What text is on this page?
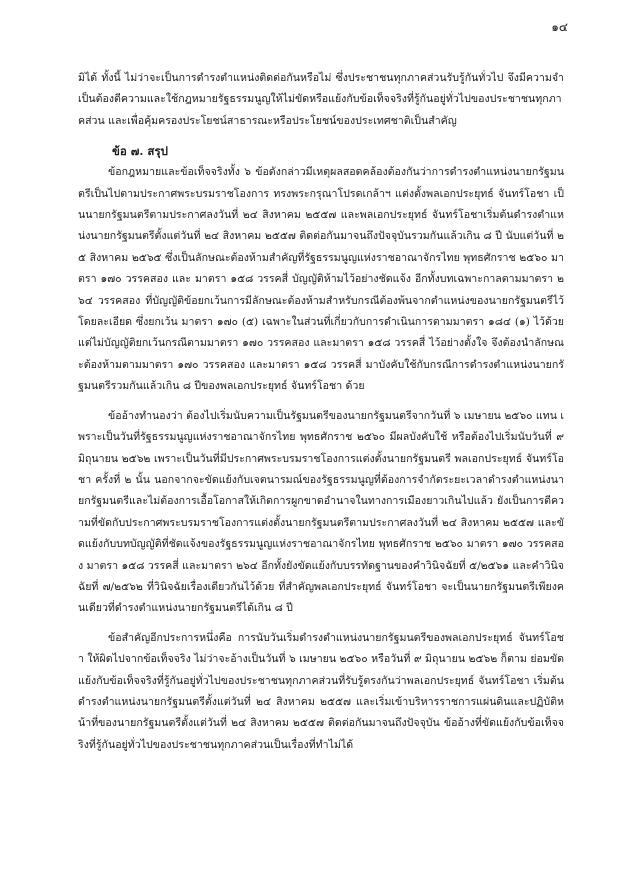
๑๔

มิได้ ทั้งนี้ ไม่ว่าจะเป็นการดำรงตำแหน่งติดต่อกันหรือไม่ ซึ่งประชาชนทุกภาคส่วนรับรู้กันทั่วไป จึงมีความจำเป็นต้องตีความและใช้กฎหมายรัฐธรรมนูญให้ไม่ขัดหรือแย้งกับข้อเท็จจริงที่รู้กันอยู่ทั่วไปของประชาชนทุกภาคส่วน และเพื่อคุ้มครองประโยชน์สาธารณะหรือประโยชน์ของประเทศชาติเป็นสำคัญ

ข้อ ๗. สรุป

ข้อกฎหมายและข้อเท็จจริงทั้ง ๖ ข้อดังกล่าวมีเหตุผลสอดคล้องต้องกันว่าการดำรงตำแหน่งนายกรัฐมนตรีเป็นไปตามประกาศพระบรมราชโองการ ทรงพระกรุณาโปรดเกล้าฯ แต่งตั้งพลเอกประยุทธ์ จันทร์โอชา เป็นนายกรัฐมนตรีตามประกาศลงวันที่ ๒๔ สิงหาคม ๒๕๕๗ และพลเอกประยุทธ์ จันทร์โอชาเริ่มต้นดำรงตำแหน่งนายกรัฐมนตรีตั้งแต่วันที่ ๒๔ สิงหาคม ๒๕๕๗ ติดต่อกันมาจนถึงปัจจุบันรวมกันแล้วเกิน ๘ ปี นับแต่วันที่ ๒๕ สิงหาคม ๒๕๖๕ ซึ่งเป็นลักษณะต้องห้ามสำคัญที่รัฐธรรมนูญแห่งราชอาณาจักรไทย พุทธศักราช ๒๕๖๐ มาตรา ๑๗๐ วรรคสอง และ มาตรา ๑๕๘ วรรคสี่ บัญญัติห้ามไว้อย่างชัดแจ้ง อีกทั้งบทเฉพาะกาลตามมาตรา ๒๖๔ วรรคสอง ที่บัญญัติข้อยกเว้นการมีลักษณะต้องห้ามสำหรับกรณีต้องพ้นจากตำแหน่งของนายกรัฐมนตรีไว้โดยละเอียด ซึ่งยกเว้น มาตรา ๑๗๐ (๕) เฉพาะในส่วนที่เกี่ยวกับการดำเนินการตามมาตรา ๑๘๔ (๑) ไว้ด้วย แต่ไม่บัญญัติยกเว้นกรณีตามมาตรา ๑๗๐ วรรคสอง และมาตรา ๑๕๘ วรรคสี่ ไว้อย่างตั้งใจ จึงต้องนำลักษณะต้องห้ามตามมาตรา ๑๗๐ วรรคสอง และมาตรา ๑๕๘ วรรคสี่ มาบังคับใช้กับกรณีการดำรงตำแหน่งนายกรัฐมนตรีรวมกันแล้วเกิน ๘ ปีของพลเอกประยุทธ์ จันทร์โอชา ด้วย

ข้ออ้างทำนองว่า ต้องไปเริ่มนับความเป็นรัฐมนตรีของนายกรัฐมนตรีจากวันที่ ๖ เมษายน ๒๕๖๐ แทน เพราะเป็นวันที่รัฐธรรมนูญแห่งราชอาณาจักรไทย พุทธศักราช ๒๕๖๐ มีผลบังคับใช้ หรือต้องไปเริ่มนับวันที่ ๙ มิถุนายน ๒๕๖๒ เพราะเป็นวันที่มีประกาศพระบรมราชโองการแต่งตั้งนายกรัฐมนตรี พลเอกประยุทธ์ จันทร์โอชา ครั้งที่ ๒ นั้น นอกจากจะขัดแย้งกับเจตนารมณ์ของรัฐธรรมนูญที่ต้องการจำกัดระยะเวลาดำรงตำแหน่งนายกรัฐมนตรีและไม่ต้องการเอื้อโอกาสให้เกิดการผูกขาดอำนาจในทางการเมืองยาวเกินไปแล้ว ยังเป็นการตีความที่ขัดกับประกาศพระบรมราชโองการแต่งตั้งนายกรัฐมนตรีตามประกาศลงวันที่ ๒๔ สิงหาคม ๒๕๕๗ และขัดแย้งกับบทบัญญัติที่ชัดแจ้งของรัฐธรรมนูญแห่งราชอาณาจักรไทย พุทธศักราช ๒๕๖๐ มาตรา ๑๗๐ วรรคสอง มาตรา ๑๕๘ วรรคสี่ และมาตรา ๒๖๔ อีกทั้งยังขัดแย้งกับบรรทัดฐานของคำวินิจฉัยที่ ๕/๒๕๖๑ และคำวินิจฉัยที่ ๗/๒๕๖๒ ที่วินิจฉัยเรื่องเดียวกันไว้ด้วย ที่สำคัญพลเอกประยุทธ์ จันทร์โอชา จะเป็นนายกรัฐมนตรีเพียงคนเดียวที่ดำรงตำแหน่งนายกรัฐมนตรีได้เกิน ๘ ปี

ข้อสำคัญอีกประการหนึ่งคือ การนับวันเริ่มดำรงตำแหน่งนายกรัฐมนตรีของพลเอกประยุทธ์ จันทร์โอชา ให้ผิดไปจากข้อเท็จจริง ไม่ว่าจะอ้างเป็นวันที่ ๖ เมษายน ๒๕๖๐ หรือวันที่ ๙ มิถุนายน ๒๕๖๒ ก็ตาม ย่อมขัดแย้งกับข้อเท็จจริงที่รู้กันอยู่ทั่วไปของประชาชนทุกภาคส่วนที่รับรู้ตรงกันว่าพลเอกประยุทธ์ จันทร์โอชา เริ่มต้นดำรงตำแหน่งนายกรัฐมนตรีตั้งแต่วันที่ ๒๔ สิงหาคม ๒๕๕๗ และเริ่มเข้าบริหารราชการแผ่นดินและปฏิบัติหน้าที่ของนายกรัฐมนตรีตั้งแต่วันที่ ๒๔ สิงหาคม ๒๕๕๗ ติดต่อกันมาจนถึงปัจจุบัน ข้ออ้างที่ขัดแย้งกับข้อเท็จจริงที่รู้กันอยู่ทั่วไปของประชาชนทุกภาคส่วนเป็นเรื่องที่ทำไม่ได้
